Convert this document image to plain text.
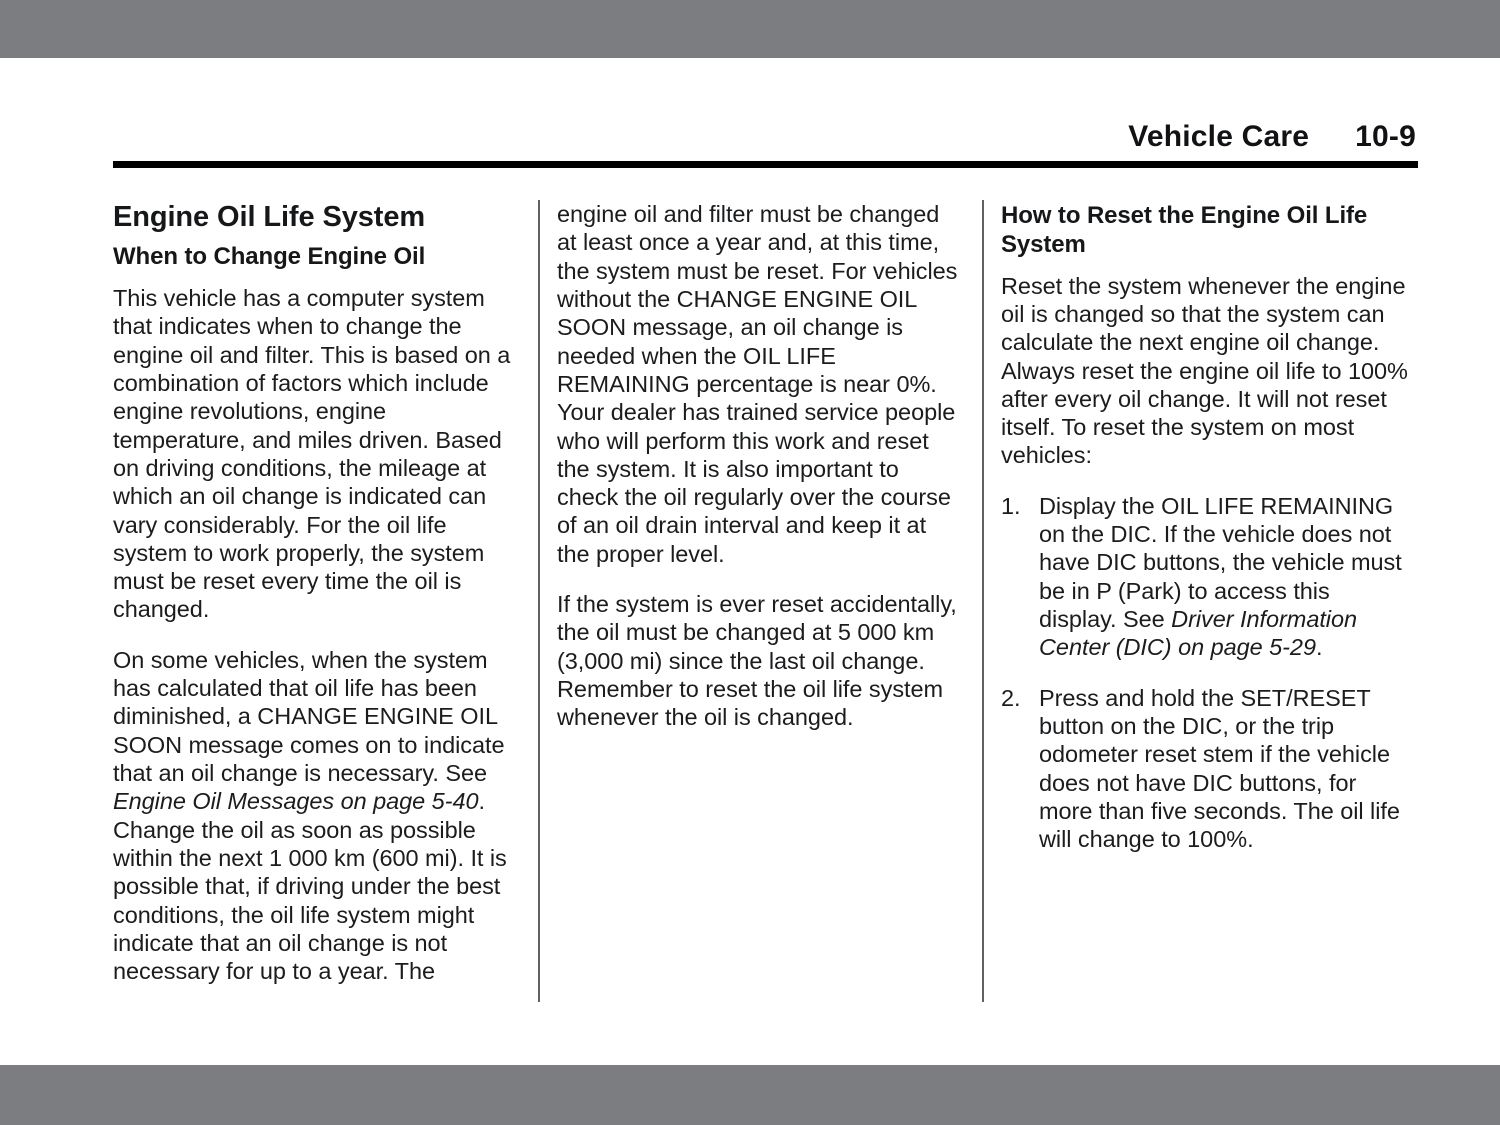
Vehicle Care 10-9
Engine Oil Life System
When to Change Engine Oil

This vehicle has a computer system that indicates when to change the engine oil and filter. This is based on a combination of factors which include engine revolutions, engine temperature, and miles driven. Based on driving conditions, the mileage at which an oil change is indicated can vary considerably. For the oil life system to work properly, the system must be reset every time the oil is changed.

On some vehicles, when the system has calculated that oil life has been diminished, a CHANGE ENGINE OIL SOON message comes on to indicate that an oil change is necessary. See Engine Oil Messages on page 5-40. Change the oil as soon as possible within the next 1 000 km (600 mi). It is possible that, if driving under the best conditions, the oil life system might indicate that an oil change is not necessary for up to a year. The

engine oil and filter must be changed at least once a year and, at this time, the system must be reset. For vehicles without the CHANGE ENGINE OIL SOON message, an oil change is needed when the OIL LIFE REMAINING percentage is near 0%. Your dealer has trained service people who will perform this work and reset the system. It is also important to check the oil regularly over the course of an oil drain interval and keep it at the proper level.

If the system is ever reset accidentally, the oil must be changed at 5 000 km (3,000 mi) since the last oil change. Remember to reset the oil life system whenever the oil is changed.

How to Reset the Engine Oil Life System

Reset the system whenever the engine oil is changed so that the system can calculate the next engine oil change. Always reset the engine oil life to 100% after every oil change. It will not reset itself. To reset the system on most vehicles:

1. Display the OIL LIFE REMAINING on the DIC. If the vehicle does not have DIC buttons, the vehicle must be in P (Park) to access this display. See Driver Information Center (DIC) on page 5-29.
2. Press and hold the SET/RESET button on the DIC, or the trip odometer reset stem if the vehicle does not have DIC buttons, for more than five seconds. The oil life will change to 100%.
